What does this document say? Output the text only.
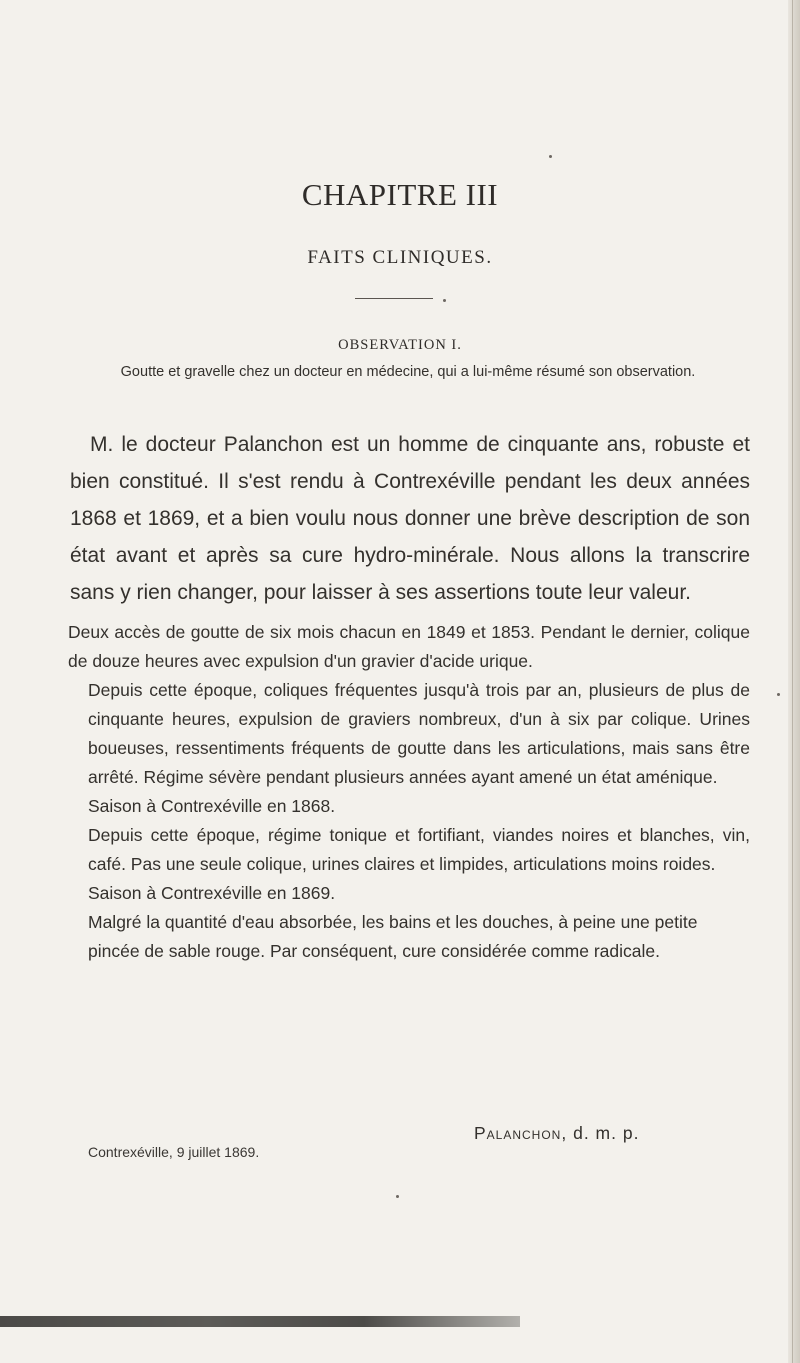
CHAPITRE III
FAITS CLINIQUES.
OBSERVATION I.
Goutte et gravelle chez un docteur en médecine, qui a lui-même résumé son observation.
M. le docteur Palanchon est un homme de cinquante ans, robuste et bien constitué. Il s'est rendu à Contrexéville pendant les deux années 1868 et 1869, et a bien voulu nous donner une brève description de son état avant et après sa cure hydro-minérale. Nous allons la transcrire sans y rien changer, pour laisser à ses assertions toute leur valeur.

Deux accès de goutte de six mois chacun en 1849 et 1853. Pendant le dernier, colique de douze heures avec expulsion d'un gravier d'acide urique.

Depuis cette époque, coliques fréquentes jusqu'à trois par an, plusieurs de plus de cinquante heures, expulsion de graviers nombreux, d'un à six par colique. Urines boueuses, ressentiments fréquents de goutte dans les articulations, mais sans être arrêté. Régime sévère pendant plusieurs années ayant amené un état aménique.

Saison à Contrexéville en 1868.

Depuis cette époque, régime tonique et fortifiant, viandes noires et blanches, vin, café. Pas une seule colique, urines claires et limpides, articulations moins roides.

Saison à Contrexéville en 1869.

Malgré la quantité d'eau absorbée, les bains et les douches, à peine une petite pincée de sable rouge. Par conséquent, cure considérée comme radicale.

Palanchon, d. m. p.
Contrexéville, 9 juillet 1869.
